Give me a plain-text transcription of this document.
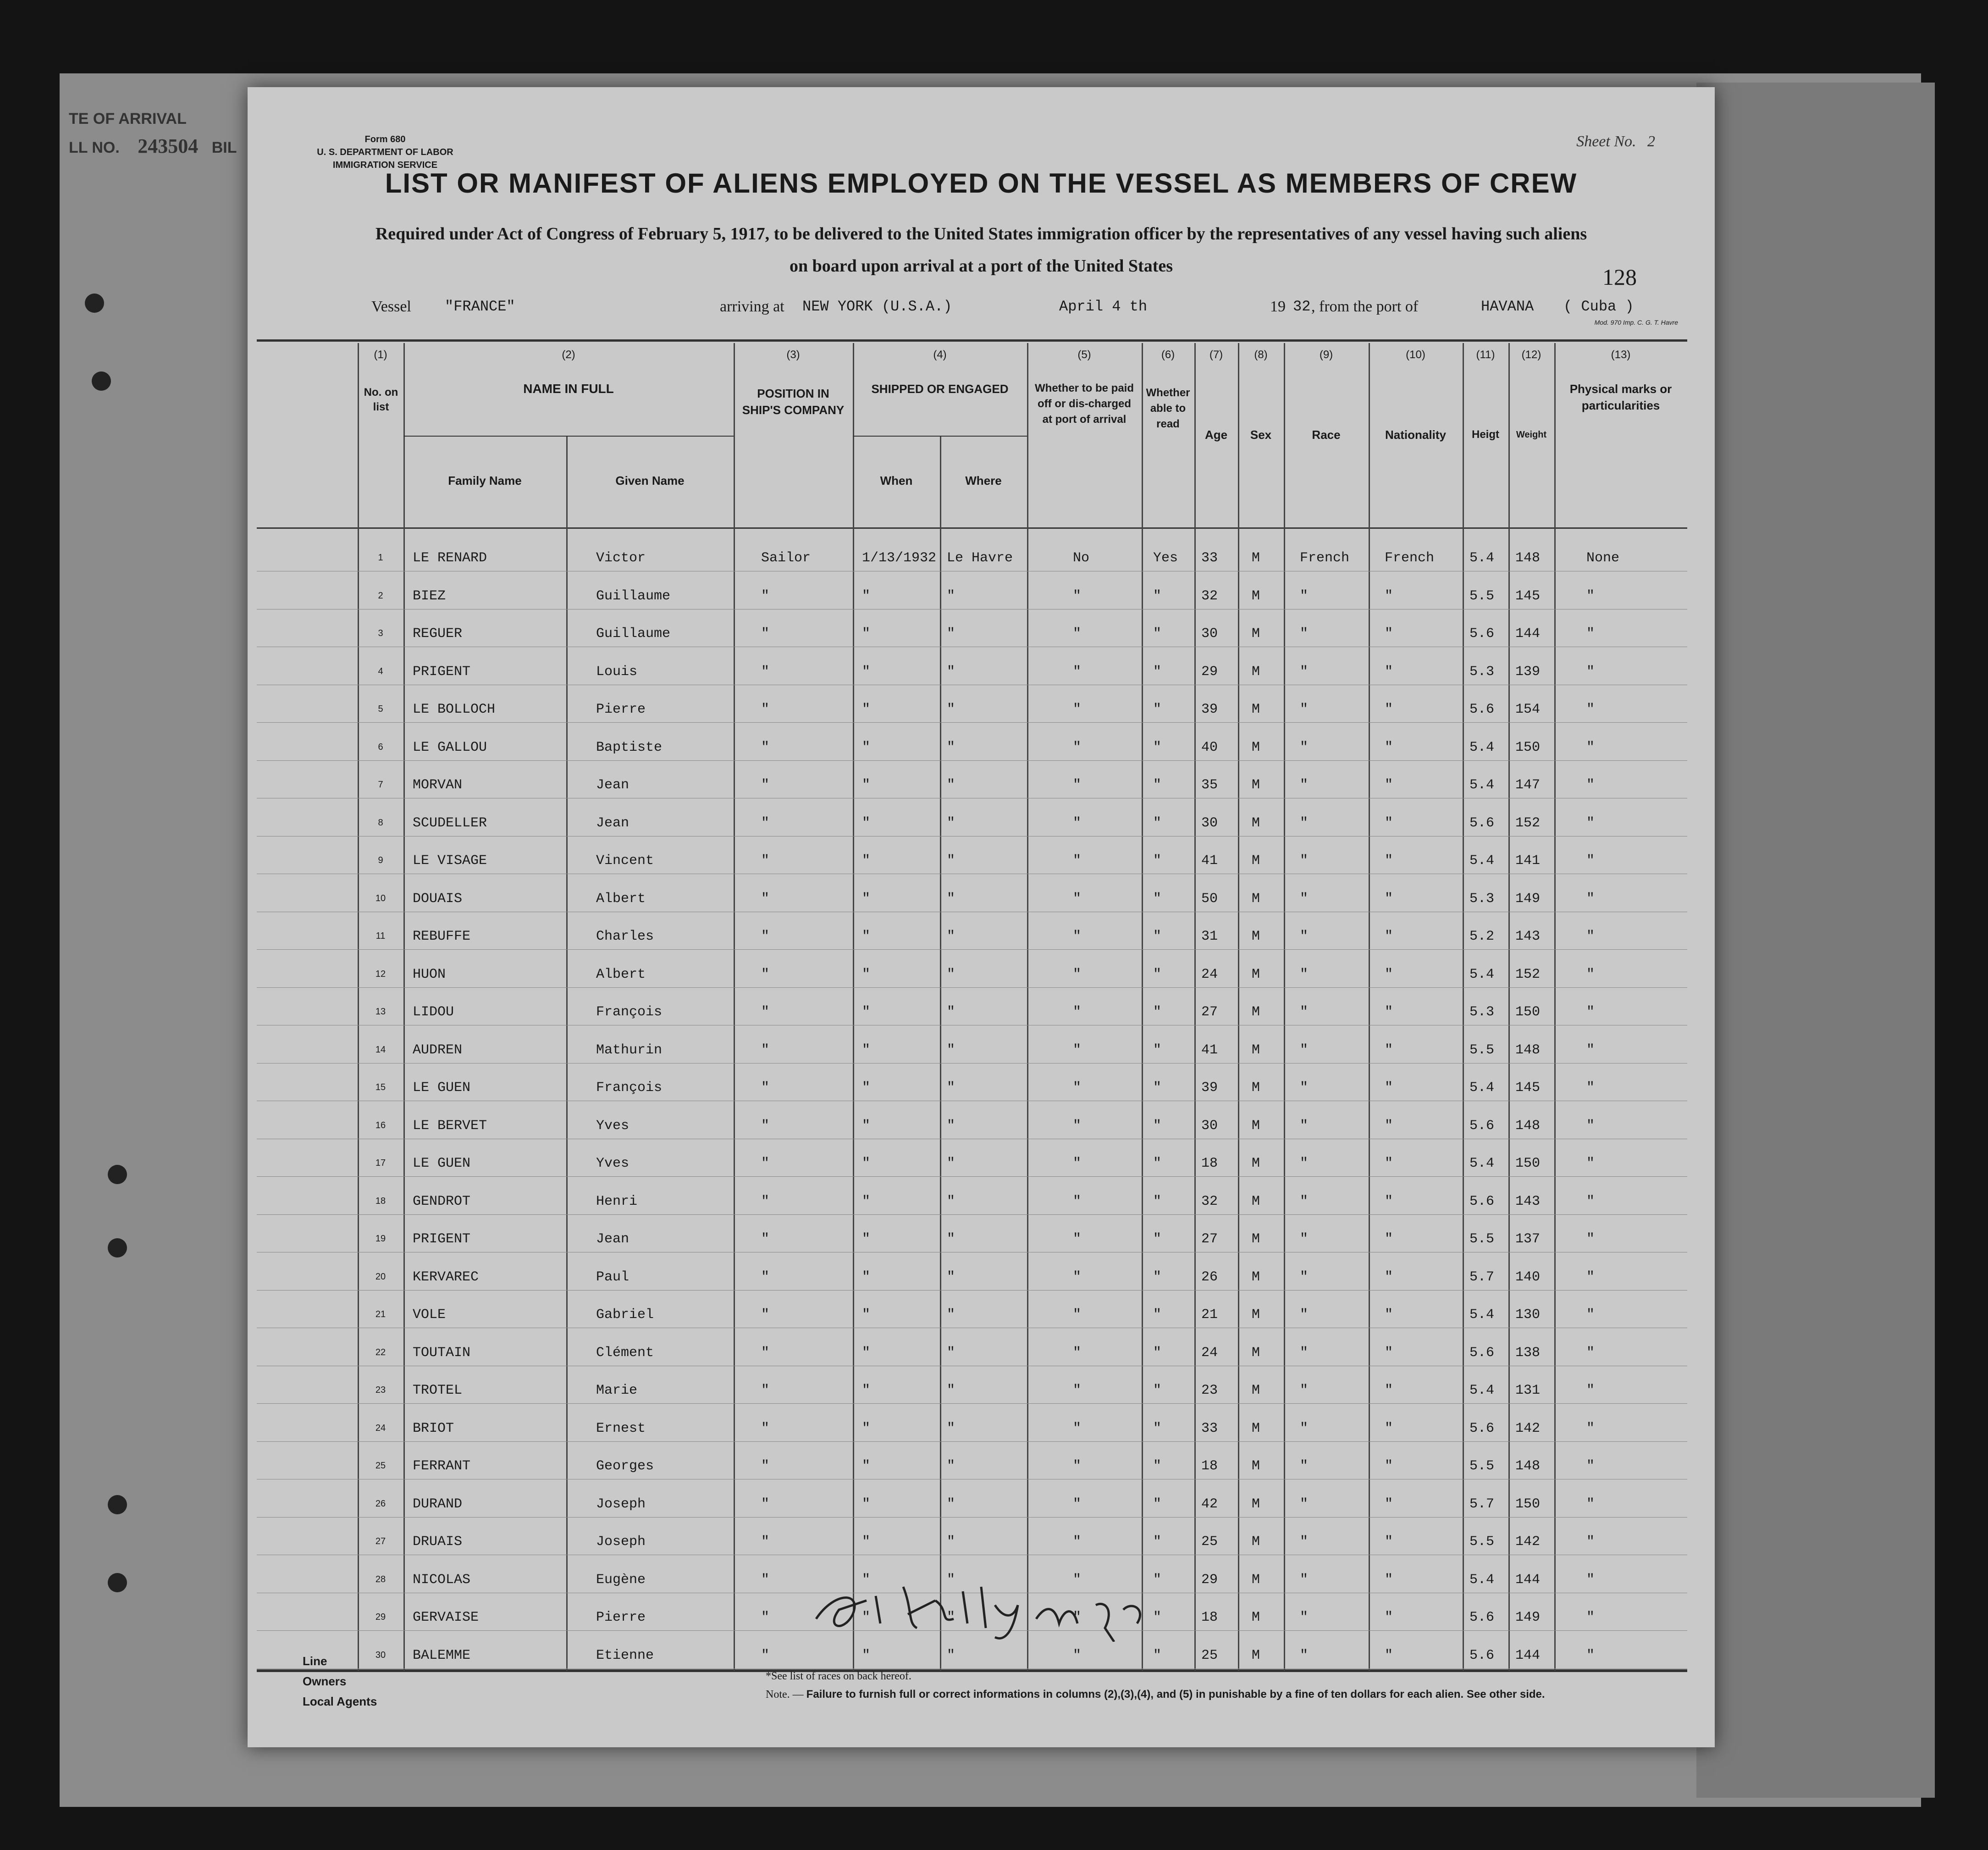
TE OF ARRIVAL
LL NO. 243504 BIL	Form 680
U. S. DEPARTMENT OF LABOR
IMMIGRATION SERVICE
Sheet No. 2
LIST OR MANIFEST OF ALIENS EMPLOYED ON THE VESSEL AS MEMBERS OF CREW
Required under Act of Congress of February 5, 1917, to be delivered to the United States immigration officer by the representatives of any vessel having such aliens
on board upon arrival at a port of the United States	128
Vessel "FRANCE"	arriving at NEW YORK (U.S.A.)	April 4 th	19 32 , from the port of	HAVANA ( Cuba )
Mod. 970 Imp. C. G. T. Havre
(1)	(2)	(3)	(4)	(5)	(6)	(7)	(8)	(9)	(10)	(11)	(12)	(13)
No. on list
NAME IN FULL
Family Name	Given Name
POSITION IN SHIP'S COMPANY
SHIPPED OR ENGAGED
When	Where
Whether to be paid off or dis-charged at port of arrival
Whether able to read
Age	Sex	Race	Nationality	Heigt	Weight
Physical marks or particularities
1	LE RENARD	Victor	Sailor	1/13/1932 Le Havre	No	Yes 33 M	French	French	5.4 148	None
2	BIEZ	Guillaume	"	"	"	"	"	32 M	"	"	5.5 145	"
3	REGUER	Guillaume	"	"	"	"	"	30 M	"	"	5.6 144	"
4	PRIGENT	Louis	"	"	"	"	"	29 M	"	"	5.3 139	"
5	LE BOLLOCH	Pierre	"	"	"	"	"	39 M	"	"	5.6 154	"
6	LE GALLOU	Baptiste	"	"	"	"	"	40 M	"	"	5.4 150	"
7	MORVAN	Jean	"	"	"	"	"	35 M	"	"	5.4 147	"
8	SCUDELLER	Jean	"	"	"	"	"	30 M	"	"	5.6 152	"
9	LE VISAGE	Vincent	"	"	"	"	"	41 M	"	"	5.4 141	"
10	DOUAIS	Albert	"	"	"	"	"	50 M	"	"	5.3 149	"
11	REBUFFE	Charles	"	"	"	"	"	31 M	"	"	5.2 143	"
12	HUON	Albert	"	"	"	"	"	24 M	"	"	5.4 152	"
13	LIDOU	François	"	"	"	"	"	27 M	"	"	5.3 150	"
14	AUDREN	Mathurin	"	"	"	"	"	41 M	"	"	5.5 148	"
15	LE GUEN	François	"	"	"	"	"	39 M	"	"	5.4 145	"
16	LE BERVET	Yves	"	"	"	"	"	30 M	"	"	5.6 148	"
17	LE GUEN	Yves	"	"	"	"	"	18 M	"	"	5.4 150	"
18	GENDROT	Henri	"	"	"	"	"	32 M	"	"	5.6 143	"
19	PRIGENT	Jean	"	"	"	"	"	27 M	"	"	5.5 137	"
20	KERVAREC	Paul	"	"	"	"	"	26 M	"	"	5.7 140	"
21	VOLE	Gabriel	"	"	"	"	"	21 M	"	"	5.4 130	"
22	TOUTAIN	Clément	"	"	"	"	"	24 M	"	"	5.6 138	"
23	TROTEL	Marie	"	"	"	"	"	23 M	"	"	5.4 131	"
24	BRIOT	Ernest	"	"	"	"	"	33 M	"	"	5.6 142	"
25	FERRANT	Georges	"	"	"	"	"	18 M	"	"	5.5 148	"
26	DURAND	Joseph	"	"	"	"	"	42 M	"	"	5.7 150	"
27	DRUAIS	Joseph	"	"	"	"	"	25 M	"	"	5.5 142	"
28	NICOLAS	Eugène	"	"	"	"	"	29 M	"	"	5.4 144	"
29	GERVAISE	Pierre	"	"	"	"	"	18 M	"	"	5.6 149	"
30	BALEMME	Etienne	"	"	"	"	"	25 M	"	"	5.6 144	"
G. Kelly, Insp.
Line
Owners
Local Agents
*See list of races on back hereof.
Note. — Failure to furnish full or correct informations in columns (2),(3),(4), and (5) in punishable by a fine of ten dollars for each alien. See other side.
